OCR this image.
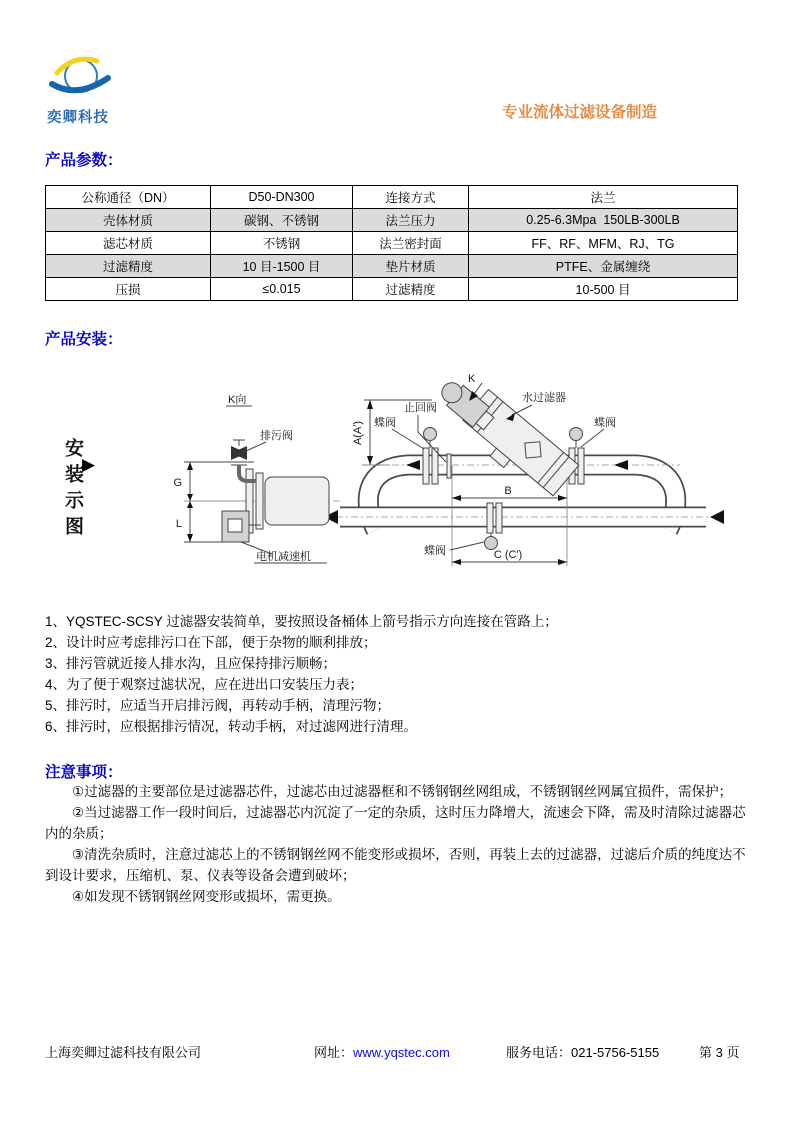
奕卿科技	专业流体过滤设备制造
产品参数：
公称通径（DN）	D50-DN300	连接方式	法兰
壳体材质	碳钢、不锈钢	法兰压力	0.25-6.3Mpa  150LB-300LB
滤芯材质	不锈钢	法兰密封面	FF、RF、MFM、RJ、TG
过滤精度	10 目-1500 目	垫片材质	PTFE、金属缠绕
压损	≤0.015	过滤精度	10-500 目
产品安装：
安装示图 ▶
K
止回阀
水过滤器
蝶阀	蝶阀
蝶阀
A(A′)
B
C (C′)
K向
G
L
排污阀
电机减速机
1、YQSTEC-SCSY 过滤器安装简单，要按照设备桶体上箭号指示方向连接在管路上；
2、设计时应考虑排污口在下部，便于杂物的顺利排放；
3、排污管就近接人排水沟，且应保持排污顺畅；
4、为了便于观察过滤状况，应在进出口安装压力表；
5、排污时，应适当开启排污阀，再转动手柄，清理污物；
6、排污时，应根据排污情况，转动手柄，对过滤网进行清理。
注意事项：

①过滤器的主要部位是过滤器芯件，过滤芯由过滤器框和不锈钢钢丝网组成，不锈钢钢丝网属宜损件，需保护；

②当过滤器工作一段时间后，过滤器芯内沉淀了一定的杂质，这时压力降增大，流速会下降，需及时清除过滤器芯内的杂质；

③清洗杂质时，注意过滤芯上的不锈钢钢丝网不能变形或损坏，否则，再装上去的过滤器，过滤后介质的纯度达不到设计要求，压缩机、泵、仪表等设备会遭到破坏；

④如发现不锈钢钢丝网变形或损坏，需更换。

上海奕卿过滤科技有限公司	网址：www.yqstec.com	服务电话：021-5756-5155	第 3 页
